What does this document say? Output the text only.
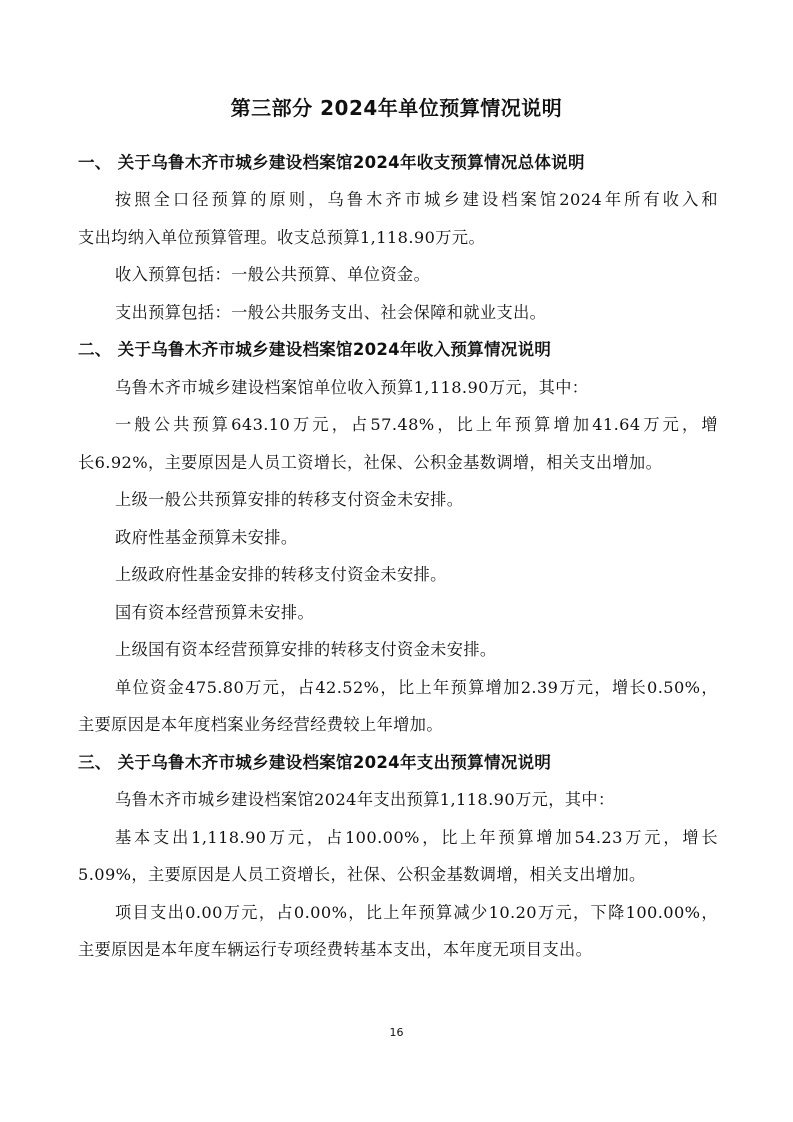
第三部分 2024年单位预算情况说明
一、 关于乌鲁木齐市城乡建设档案馆2024年收支预算情况总体说明
按照全口径预算的原则，乌鲁木齐市城乡建设档案馆2024年所有收入和
支出均纳入单位预算管理。收支总预算1,118.90万元。
收入预算包括：一般公共预算、单位资金。
支出预算包括：一般公共服务支出、社会保障和就业支出。
二、 关于乌鲁木齐市城乡建设档案馆2024年收入预算情况说明
乌鲁木齐市城乡建设档案馆单位收入预算1,118.90万元，其中：
一般公共预算643.10万元，占57.48%，比上年预算增加41.64万元，增
长6.92%，主要原因是人员工资增长，社保、公积金基数调增，相关支出增加。
上级一般公共预算安排的转移支付资金未安排。
政府性基金预算未安排。
上级政府性基金安排的转移支付资金未安排。
国有资本经营预算未安排。
上级国有资本经营预算安排的转移支付资金未安排。
单位资金475.80万元，占42.52%，比上年预算增加2.39万元，增长0.50%，
主要原因是本年度档案业务经营经费较上年增加。
三、 关于乌鲁木齐市城乡建设档案馆2024年支出预算情况说明
乌鲁木齐市城乡建设档案馆2024年支出预算1,118.90万元，其中：
基本支出1,118.90万元，占100.00%，比上年预算增加54.23万元，增长
5.09%，主要原因是人员工资增长，社保、公积金基数调增，相关支出增加。
项目支出0.00万元，占0.00%，比上年预算减少10.20万元，下降100.00%，
主要原因是本年度车辆运行专项经费转基本支出，本年度无项目支出。
16
